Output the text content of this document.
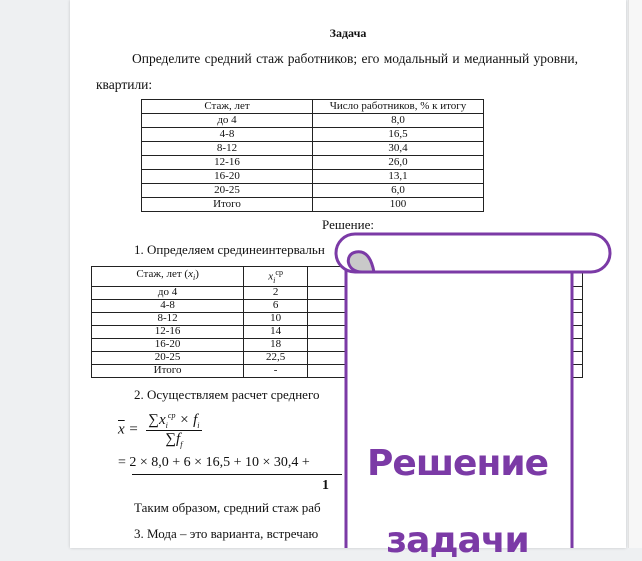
Задача

Определите средний стаж работников; его модальный и медианный уровни, квартили:

Стаж, лет	Число работников, % к итогу
до 4	8,0
4-8	16,5
8-12	30,4
12-16	26,0
16-20	13,1
20-25	6,0
Итого	100
Решение:
1. Определяем срединеинтервальн
Стаж, лет $(x_i)$	$x_i^{ср}$	
до 4	2	
4-8	6	
8-12	10	
12-16	14	
16-20	18	
20-25	22,5	
Итого	-	
2. Осуществляем расчет среднего
$\overline{x} = \frac{\sum x_i^{ср} \times f_i}{\sum f_f}$
= 2 × 8,0 + 6 × 16,5 + 10 × 30,4 +
1
Таким образом, средний стаж раб
3. Мода – это варианта, встречаю
Решение
задачи
